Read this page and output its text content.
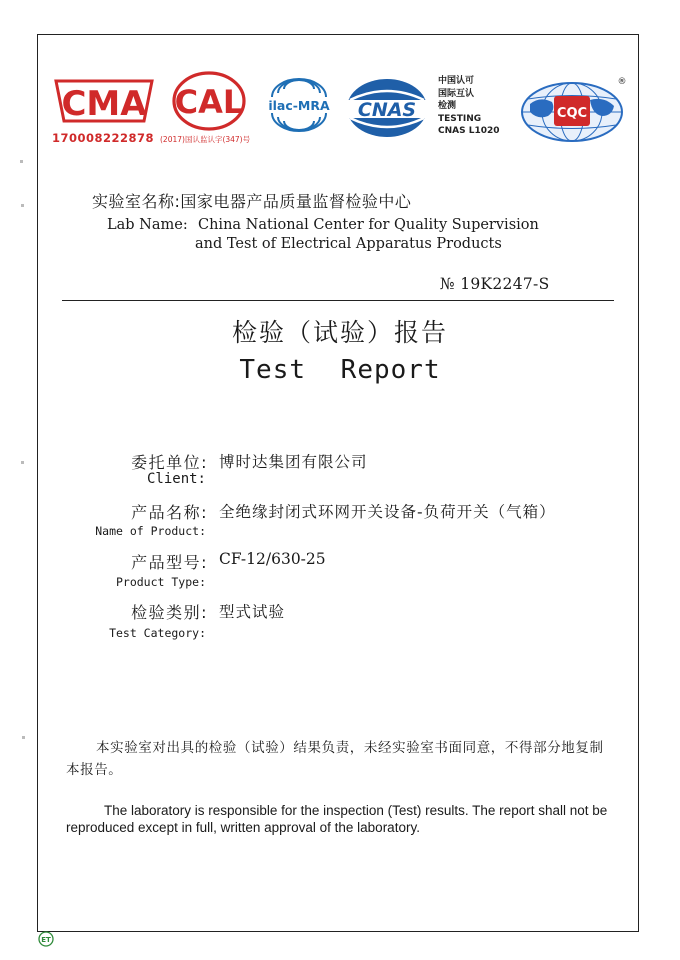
CMA
170008222878
CAL
(2017)国认监认字(347)号
ilac-MRA CNAS
中国认可
国际互认
检测
TESTING
CNAS L1020
CQC
®
实验室名称:国家电器产品质量监督检验中心
Lab Name: China National Center for Quality Supervision
and Test of Electrical Apparatus Products
№ 19K2247-S
检验（试验）报告
Test Report
委托单位: 博时达集团有限公司
Client:
产品名称: 全绝缘封闭式环网开关设备-负荷开关（气箱）
Name of Product:
产品型号: CF-12/630-25
Product Type:
检验类别: 型式试验
Test Category:
本实验室对出具的检验（试验）结果负责，未经实验室书面同意，不得部分地复制本报告。
The laboratory is responsible for the inspection (Test) results. The report shall not be reproduced except in full, written approval of the laboratory.
ET
